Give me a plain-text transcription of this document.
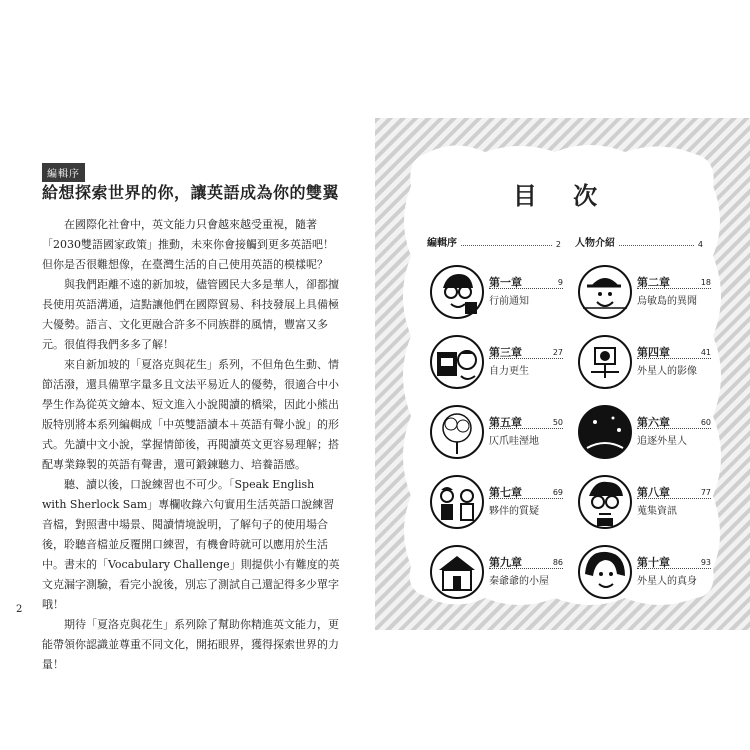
編輯序
給想探索世界的你，讓英語成為你的雙翼

在國際化社會中，英文能力只會越來越受重視，隨著「2030雙語國家政策」推動，未來你會接觸到更多英語吧！但你是否很難想像，在臺灣生活的自己使用英語的模樣呢？

與我們距離不遠的新加坡，儘管國民大多是華人，卻都擅長使用英語溝通，這點讓他們在國際貿易、科技發展上具備極大優勢。語言、文化更融合許多不同族群的風情，豐富又多元。很值得我們多多了解！

來自新加坡的「夏洛克與花生」系列，不但角色生動、情節活潑，還具備單字量多且文法平易近人的優勢，很適合中小學生作為從英文繪本、短文進入小說閱讀的橋梁，因此小熊出版特別將本系列編輯成「中英雙語讀本＋英語有聲小說」的形式。先讀中文小說，掌握情節後，再閱讀英文更容易理解；搭配專業錄製的英語有聲書，還可鍛鍊聽力、培養語感。

聽、讀以後，口說練習也不可少。「Speak English with Sherlock Sam」專欄收錄六句實用生活英語口說練習音檔，對照書中場景、閱讀情境說明，了解句子的使用場合後，聆聽音檔並反覆開口練習，有機會時就可以應用於生活中。書末的「Vocabulary Challenge」則提供小有難度的英文克漏字測驗，看完小說後，別忘了測試自己還記得多少單字哦！

期待「夏洛克與花生」系列除了幫助你精進英文能力，更能帶領你認識並尊重不同文化，開拓眼界，獲得探索世界的力量！

2
目 次
編輯序	2 人物介紹	4
第一章	9
行前通知
第二章	18
烏敏島的異聞
第三章	27
自力更生
第四章	41
外星人的影像
第五章	50
仄爪哇溼地
第六章	60
追逐外星人
第七章	69
夥伴的質疑
第八章	77
蒐集資訊
第九章	86
秦爺爺的小屋
第十章	93
外星人的真身
